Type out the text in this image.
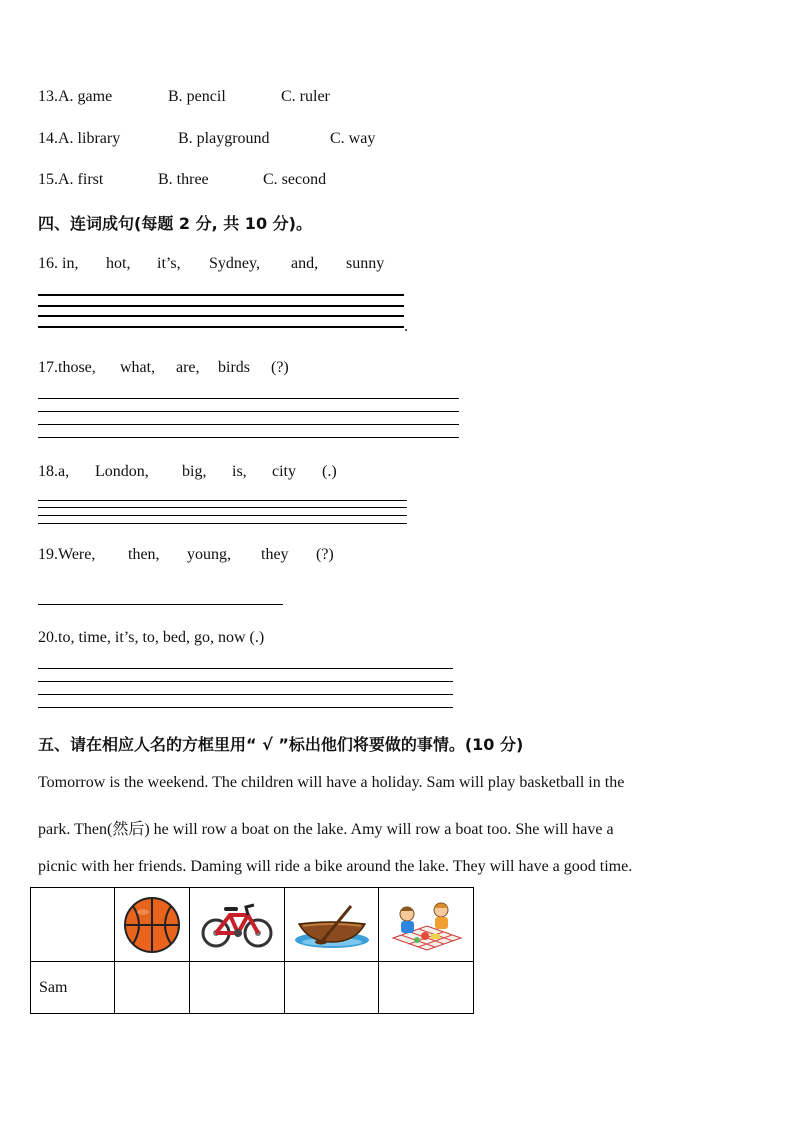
13.A. game	B. pencil	C. ruler
14.A. library	B. playground	C. way
15.A. first	B. three	C. second
四、连词成句(每题 2 分, 共 10 分)。
16. in, hot, it’s, Sydney, and, sunny
.
17.those, what, are, birds (?)
18.a, London, big, is, city (.)
19.Were, then, young, they (?)
20.to, time, it’s, to, bed, go, now (.)
五、请在相应人名的方框里用“ √ ”标出他们将要做的事情。(10 分)
Tomorrow is the weekend. The children will have a holiday. Sam will play basketball in the
park. Then(然后) he will row a boat on the lake. Amy will row a boat too. She will have a
picnic with her friends. Daming will ride a bike around the lake. They will have a good time.

Sam				
